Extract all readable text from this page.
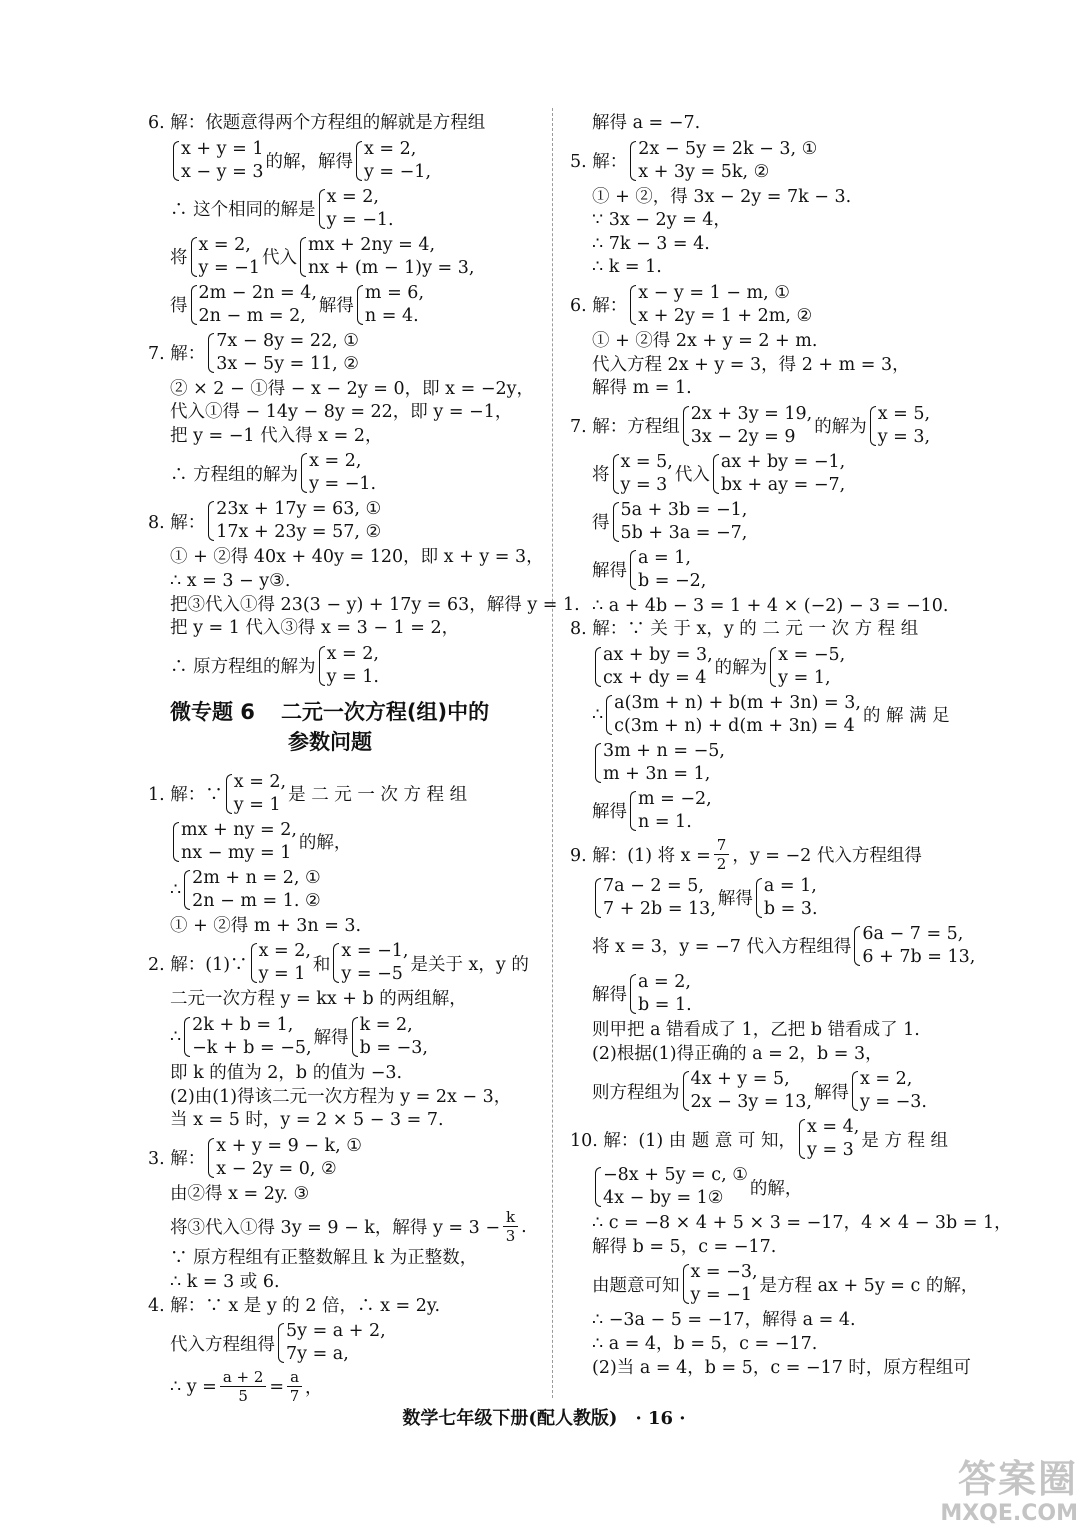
6. 解：依题意得两个方程组的解就是方程组
x + y = 1
x − y = 3 的解，解得
x = 2,
y = −1,
∴ 这个相同的解是
x = 2,
y = −1.
将
x = 2,
y = −1 代入
mx + 2ny = 4,
nx + (m − 1)y = 3,
得
2m − 2n = 4,
2n − m = 2, 解得
m = 6,
n = 4.
7. 解：
7x − 8y = 22, ①
3x − 5y = 11, ②
② × 2 − ①得 − x − 2y = 0，即 x = −2y，
代入①得 − 14y − 8y = 22，即 y = −1，
把 y = −1 代入得 x = 2，
∴ 方程组的解为
x = 2,
y = −1.
8. 解：
23x + 17y = 63, ①
17x + 23y = 57, ②
① + ②得 40x + 40y = 120，即 x + y = 3，
∴ x = 3 − y③.
把③代入①得 23(3 − y) + 17y = 63，解得 y = 1.
把 y = 1 代入③得 x = 3 − 1 = 2，
∴ 原方程组的解为
x = 2,
y = 1.
微专题 6 二元一次方程(组)中的
参数问题
1. 解：∵
x = 2,
y = 1 是 二 元 一 次 方 程 组
mx + ny = 2,
nx − my = 1 的解，
∴
2m + n = 2, ①
2n − m = 1. ②
① + ②得 m + 3n = 3.
2. 解：(1)∵
x = 2,
y = 1 和
x = −1,
y = −5 是关于 x，y 的
二元一次方程 y = kx + b 的两组解，
∴
2k + b = 1,
−k + b = −5, 解得
k = 2,
b = −3,
即 k 的值为 2，b 的值为 −3.
(2)由(1)得该二元一次方程为 y = 2x − 3，
当 x = 5 时，y = 2 × 5 − 3 = 7.
3. 解：
x + y = 9 − k, ①
x − 2y = 0, ②
由②得 x = 2y. ③
将③代入①得 3y = 9 − k，解得 $y = 3 - \frac{k}{3}$ .
∵ 原方程组有正整数解且 k 为正整数，
∴ k = 3 或 6.
4. 解：∵ x 是 y 的 2 倍，∴ x = 2y.
代入方程组得
5y = a + 2,
7y = a,
∴ $y = \frac{a + 2}{5} = \frac{a}{7}$ ，
解得 a = −7.
5. 解：
2x − 5y = 2k − 3, ①
x + 3y = 5k, ②
① + ②，得 3x − 2y = 7k − 3.
∵ 3x − 2y = 4，
∴ 7k − 3 = 4.
∴ k = 1.
6. 解：
x − y = 1 − m, ①
x + 2y = 1 + 2m, ②
① + ②得 2x + y = 2 + m.
代入方程 2x + y = 3，得 2 + m = 3，
解得 m = 1.
7. 解：方程组
2x + 3y = 19,
3x − 2y = 9	的解为
x = 5,
y = 3,
将
x = 5,
y = 3 代入
ax + by = −1,
bx + ay = −7,
得
5a + 3b = −1,
5b + 3a = −7,
解得
a = 1,
b = −2,
∴ a + 4b − 3 = 1 + 4 × (−2) − 3 = −10.
8. 解：∵ 关 于 x，y 的 二 元 一 次 方 程 组
ax + by = 3,
cx + dy = 4 的解为
x = −5,
y = 1,
∴
a(3m + n) + b(m + 3n) = 3,
c(3m + n) + d(m + 3n) = 4 的 解 满 足
3m + n = −5,
m + 3n = 1,
解得
m = −2,
n = 1.
9. 解：(1) 将 $x = \frac{7}{2}$ ，y = −2 代入方程组得
7a − 2 = 5,
7 + 2b = 13, 解得
a = 1,
b = 3.
将 x = 3，y = −7 代入方程组得
6a − 7 = 5,
6 + 7b = 13,
解得
a = 2,
b = 1.
则甲把 a 错看成了 1，乙把 b 错看成了 1.
(2)根据(1)得正确的 a = 2，b = 3，
则方程组为
4x + y = 5,
2x − 3y = 13, 解得
x = 2,
y = −3.
10. 解：(1) 由 题 意 可 知，
x = 4,
y = 3 是 方 程 组
−8x + 5y = c, ①
4x − by = 1②	的解，
∴ c = −8 × 4 + 5 × 3 = −17，4 × 4 − 3b = 1，
解得 b = 5，c = −17.
由题意可知
x = −3,
y = −1 是方程 ax + 5y = c 的解，
∴ −3a − 5 = −17，解得 a = 4.
∴ a = 4，b = 5，c = −17.
(2)当 a = 4，b = 5，c = −17 时，原方程组可
数学七年级下册(配人教版)　· 16 ·
答案圈
MXQE.COM
